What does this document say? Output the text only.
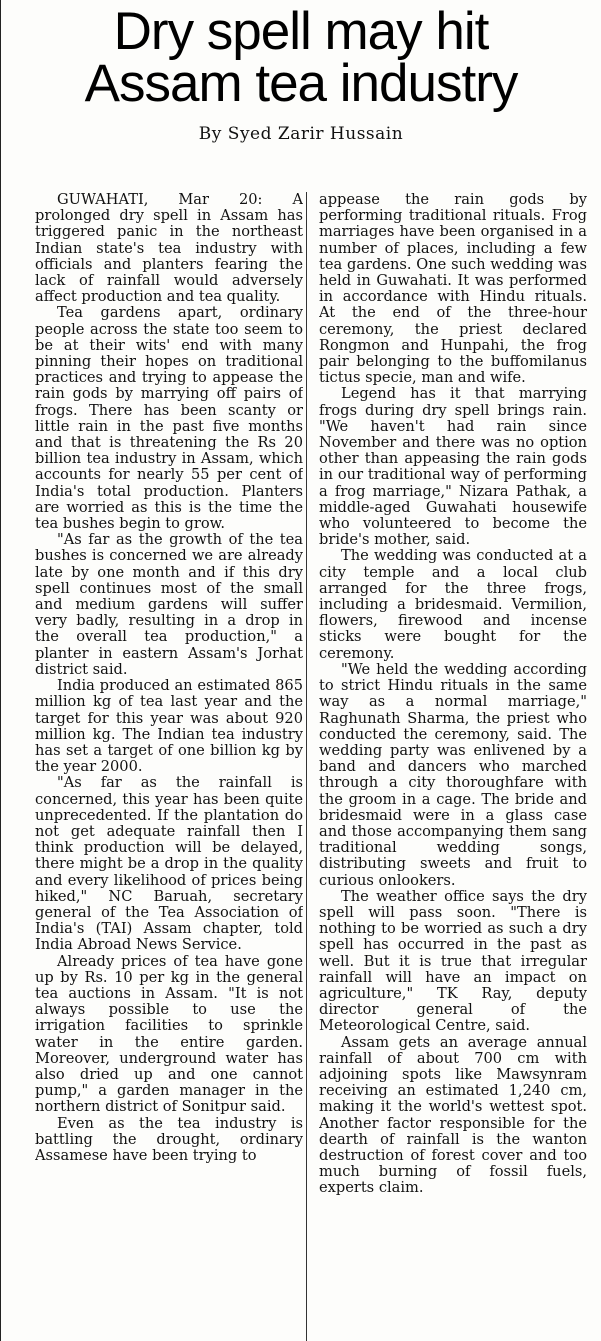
Dry spell may hit
Assam tea industry
By Syed Zarir Hussain

GUWAHATI, Mar 20: A prolonged dry spell in Assam has triggered panic in the northeast Indian state's tea industry with officials and planters fearing the lack of rainfall would adversely affect production and tea quality.

Tea gardens apart, ordinary people across the state too seem to be at their wits' end with many pinning their hopes on traditional practices and trying to appease the rain gods by marrying off pairs of frogs. There has been scanty or little rain in the past five months and that is threatening the Rs 20 billion tea industry in Assam, which accounts for nearly 55 per cent of India's total production. Planters are worried as this is the time the tea bushes begin to grow.

"As far as the growth of the tea bushes is concerned we are already late by one month and if this dry spell continues most of the small and medium gardens will suffer very badly, resulting in a drop in the overall tea production," a planter in eastern Assam's Jorhat district said.

India produced an estimated 865 million kg of tea last year and the target for this year was about 920 million kg. The Indian tea industry has set a target of one billion kg by the year 2000.

"As far as the rainfall is concerned, this year has been quite unprecedented. If the plantation do not get adequate rainfall then I think production will be delayed, there might be a drop in the quality and every likelihood of prices being hiked," NC Baruah, secretary general of the Tea Association of India's (TAI) Assam chapter, told India Abroad News Service.

Already prices of tea have gone up by Rs. 10 per kg in the general tea auctions in Assam. "It is not always possible to use the irrigation facilities to sprinkle water in the entire garden. Moreover, underground water has also dried up and one cannot pump," a garden manager in the northern district of Sonitpur said.

Even as the tea industry is battling the drought, ordinary Assamese have been trying to

appease the rain gods by performing traditional rituals. Frog marriages have been organised in a number of places, including a few tea gardens. One such wedding was held in Guwahati. It was performed in accordance with Hindu rituals. At the end of the three-hour ceremony, the priest declared Rongmon and Hunpahi, the frog pair belonging to the buffomilanus tictus specie, man and wife.

Legend has it that marrying frogs during dry spell brings rain. "We haven't had rain since November and there was no option other than appeasing the rain gods in our traditional way of performing a frog marriage," Nizara Pathak, a middle-aged Guwahati housewife who volunteered to become the bride's mother, said.

The wedding was conducted at a city temple and a local club arranged for the three frogs, including a bridesmaid. Vermilion, flowers, firewood and incense sticks were bought for the ceremony.

"We held the wedding according to strict Hindu rituals in the same way as a normal marriage," Raghunath Sharma, the priest who conducted the ceremony, said. The wedding party was enlivened by a band and dancers who marched through a city thoroughfare with the groom in a cage. The bride and bridesmaid were in a glass case and those accompanying them sang traditional wedding songs, distributing sweets and fruit to curious onlookers.

The weather office says the dry spell will pass soon. "There is nothing to be worried as such a dry spell has occurred in the past as well. But it is true that irregular rainfall will have an impact on agriculture," TK Ray, deputy director general of the Meteorological Centre, said.

Assam gets an average annual rainfall of about 700 cm with adjoining spots like Mawsynram receiving an estimated 1,240 cm, making it the world's wettest spot. Another factor responsible for the dearth of rainfall is the wanton destruction of forest cover and too much burning of fossil fuels, experts claim.
